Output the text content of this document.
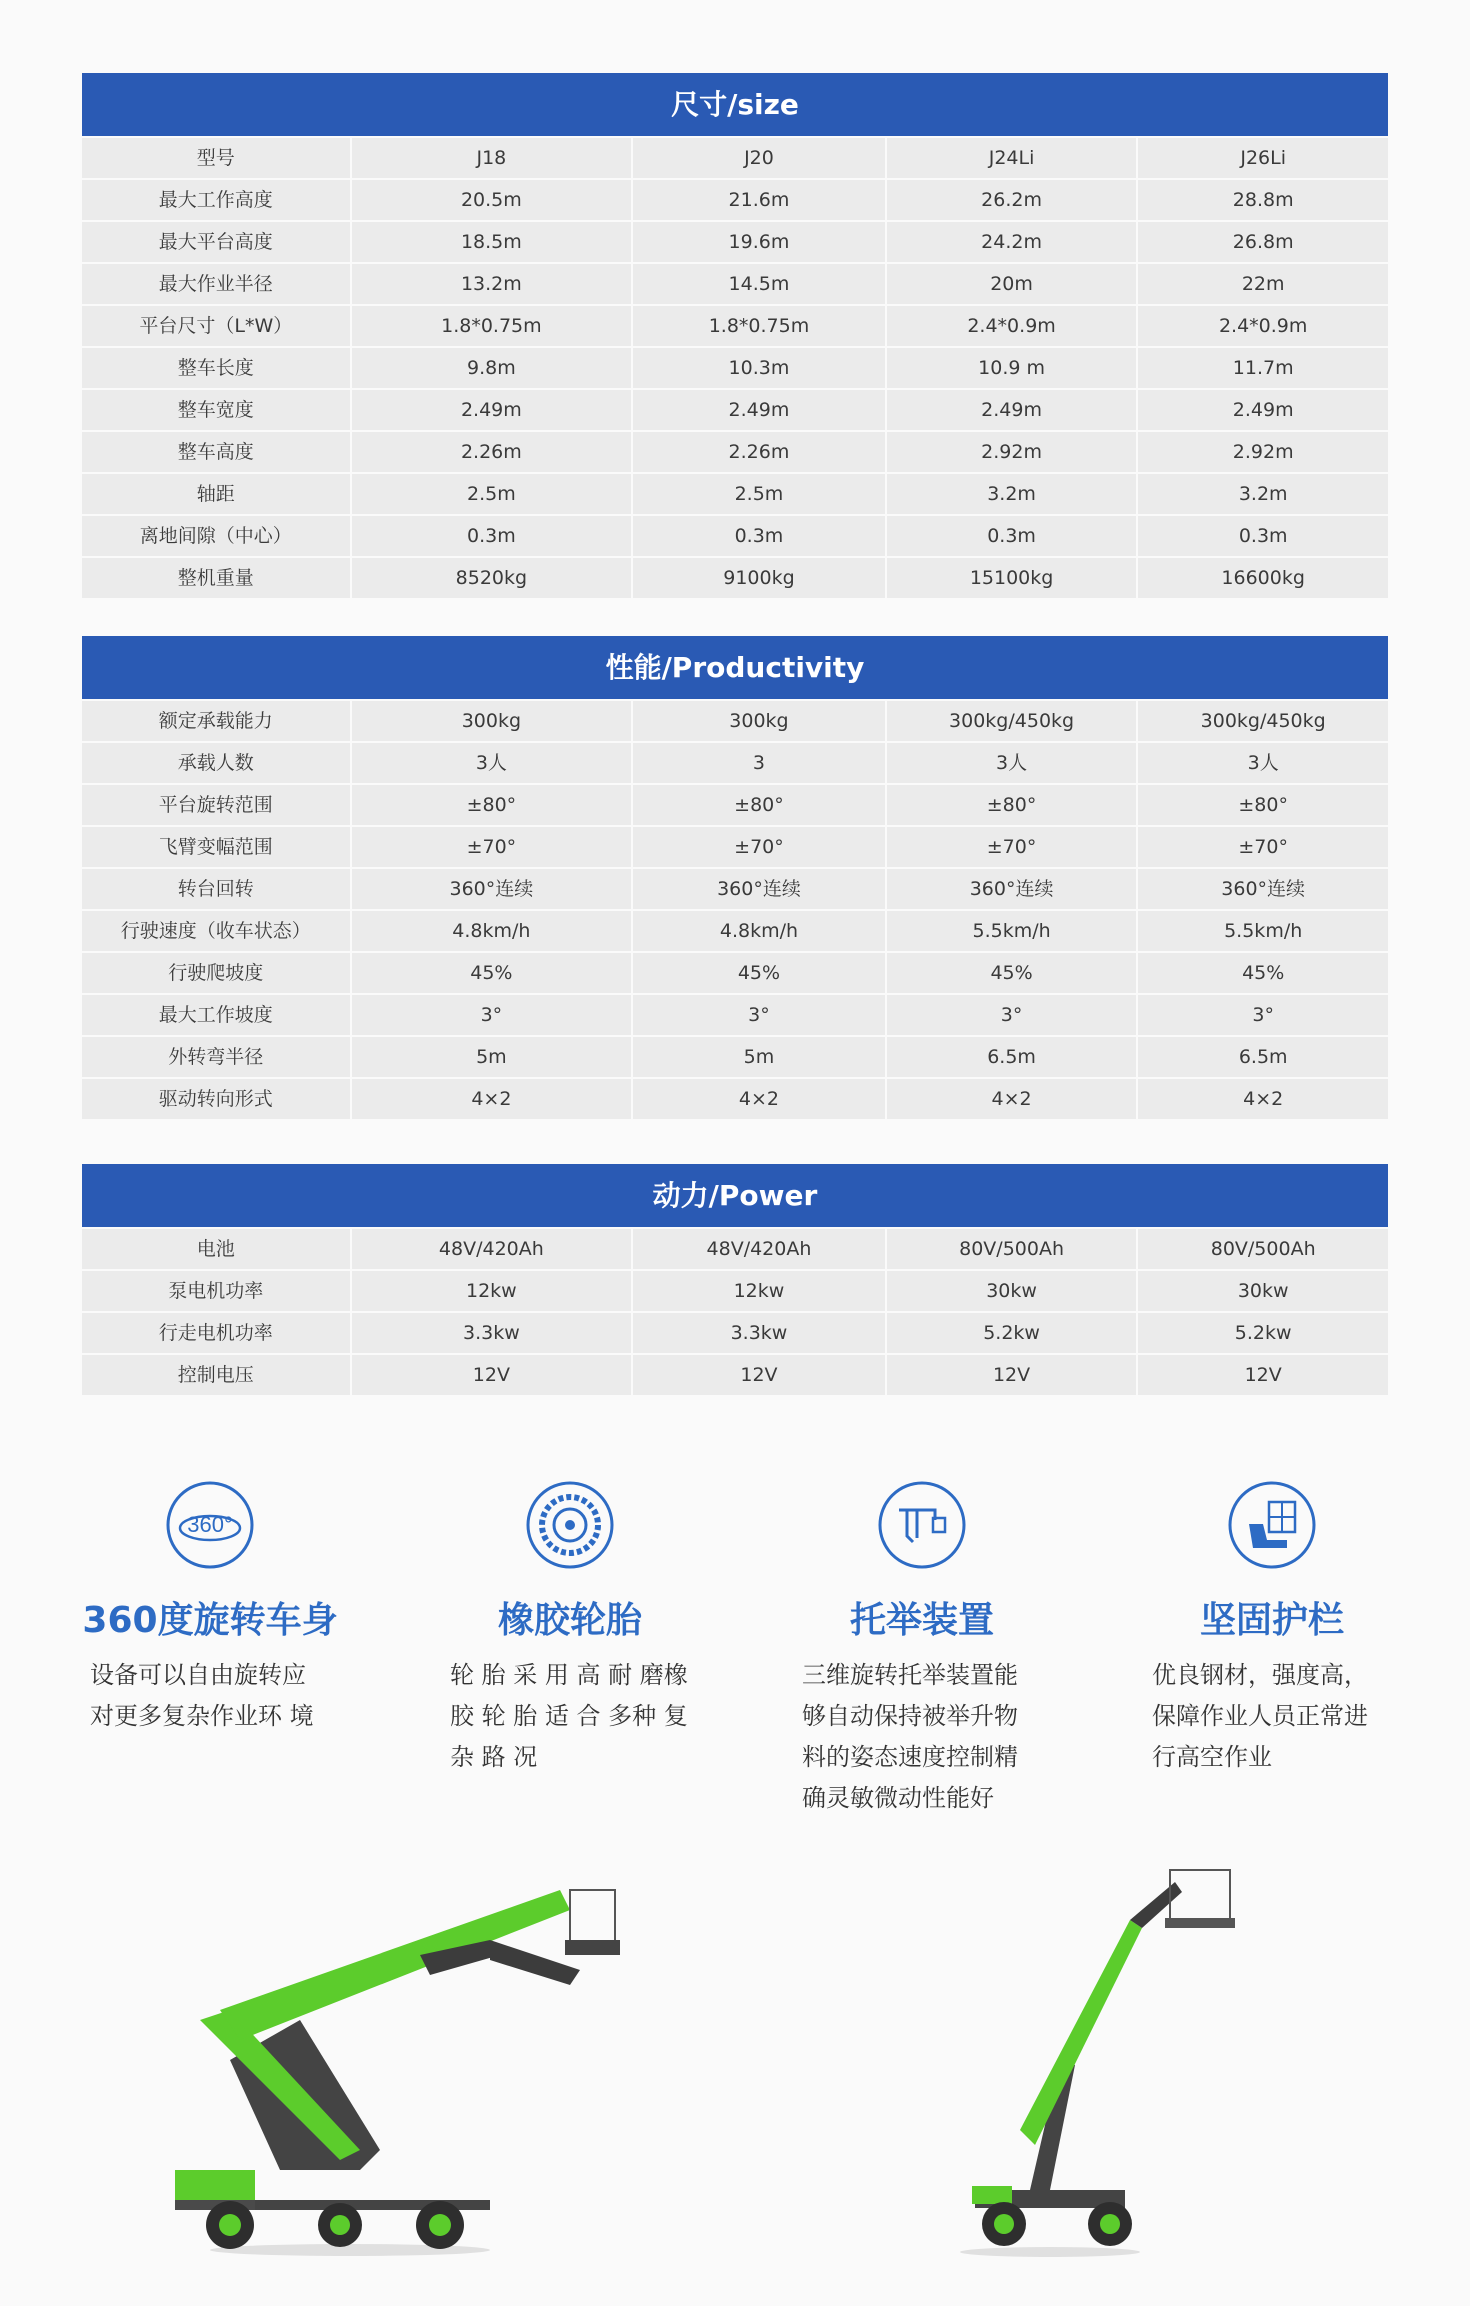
尺寸/size
型号	J18	J20	J24Li	J26Li
最大工作高度	20.5m	21.6m	26.2m	28.8m
最大平台高度	18.5m	19.6m	24.2m	26.8m
最大作业半径	13.2m	14.5m	20m	22m
平台尺寸（L*W）	1.8*0.75m	1.8*0.75m	2.4*0.9m	2.4*0.9m
整车长度	9.8m	10.3m	10.9 m	11.7m
整车宽度	2.49m	2.49m	2.49m	2.49m
整车高度	2.26m	2.26m	2.92m	2.92m
轴距	2.5m	2.5m	3.2m	3.2m
离地间隙（中心）	0.3m	0.3m	0.3m	0.3m
整机重量	8520kg	9100kg	15100kg	16600kg
性能/Productivity
额定承载能力	300kg	300kg	300kg/450kg	300kg/450kg
承载人数	3人	3	3人	3人
平台旋转范围	±80°	±80°	±80°	±80°
飞臂变幅范围	±70°	±70°	±70°	±70°
转台回转	360°连续	360°连续	360°连续	360°连续
行驶速度（收车状态）	4.8km/h	4.8km/h	5.5km/h	5.5km/h
行驶爬坡度	45%	45%	45%	45%
最大工作坡度	3°	3°	3°	3°
外转弯半径	5m	5m	6.5m	6.5m
驱动转向形式	4×2	4×2	4×2	4×2
动力/Power
电池	48V/420Ah	48V/420Ah	80V/500Ah	80V/500Ah
泵电机功率	12kw	12kw	30kw	30kw
行走电机功率	3.3kw	3.3kw	5.2kw	5.2kw
控制电压	12V	12V	12V	12V
360°
360度旋转车身
设备可以自由旋转应
对更多复杂作业环 境
橡胶轮胎
轮 胎 采 用 高 耐 磨橡
胶 轮 胎 适 合 多种 复
杂 路 况
托举装置
三维旋转托举装置能
够自动保持被举升物
料的姿态速度控制精
确灵敏微动性能好
坚固护栏
优良钢材，强度高，
保障作业人员正常进
行高空作业
